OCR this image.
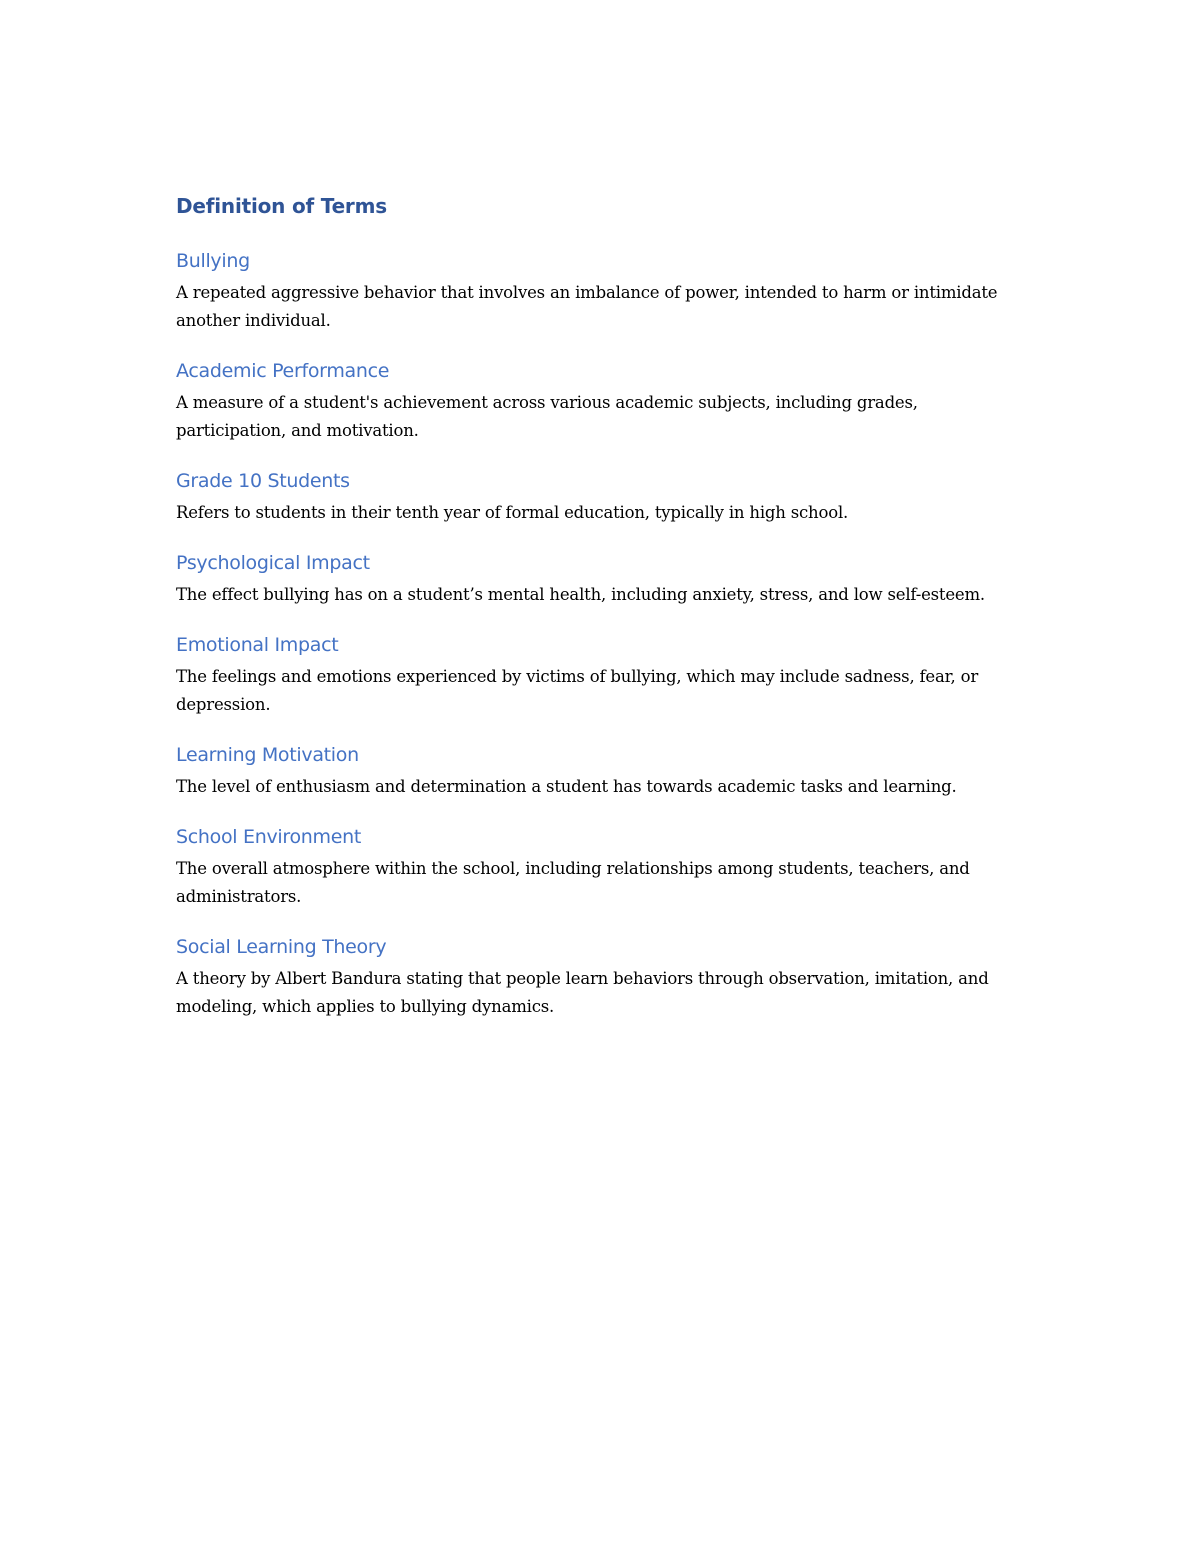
Definition of Terms
Bullying

A repeated aggressive behavior that involves an imbalance of power, intended to harm or intimidate another individual.

Academic Performance

A measure of a student's achievement across various academic subjects, including grades, participation, and motivation.

Grade 10 Students

Refers to students in their tenth year of formal education, typically in high school.

Psychological Impact

The effect bullying has on a student’s mental health, including anxiety, stress, and low self-esteem.

Emotional Impact

The feelings and emotions experienced by victims of bullying, which may include sadness, fear, or depression.

Learning Motivation

The level of enthusiasm and determination a student has towards academic tasks and learning.

School Environment

The overall atmosphere within the school, including relationships among students, teachers, and administrators.

Social Learning Theory

A theory by Albert Bandura stating that people learn behaviors through observation, imitation, and modeling, which applies to bullying dynamics.
